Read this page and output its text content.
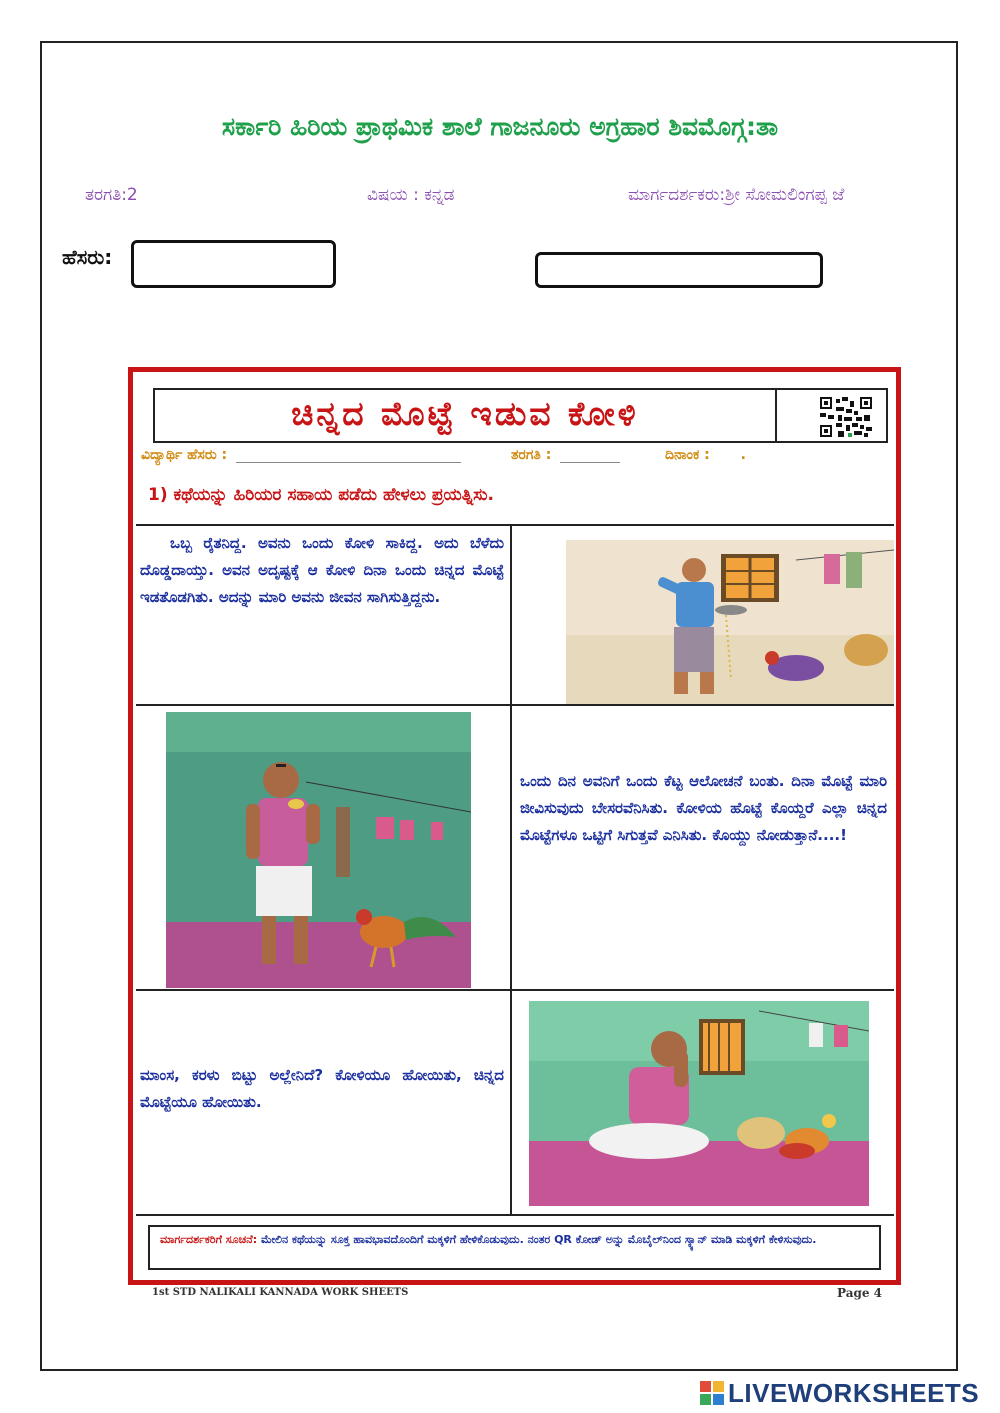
ಸರ್ಕಾರಿ ಹಿರಿಯ ಪ್ರಾಥಮಿಕ ಶಾಲೆ ಗಾಜನೂರು ಅಗ್ರಹಾರ ಶಿವಮೊಗ್ಗ:ತಾ
ತರಗತಿ:2	ವಿಷಯ : ಕನ್ನಡ	ಮಾರ್ಗದರ್ಶಕರು:ಶ್ರೀ ಸೋಮಲಿಂಗಪ್ಪ ಜೆ
ಹೆಸರು:
ಚಿನ್ನದ ಮೊಟ್ಟೆ ಇಡುವ ಕೋಳಿ
ವಿದ್ಯಾರ್ಥಿ ಹೆಸರು :	ತರಗತಿ :	ದಿನಾಂಕ : .
1) ಕಥೆಯನ್ನು ಹಿರಿಯರ ಸಹಾಯ ಪಡೆದು ಹೇಳಲು ಪ್ರಯತ್ನಿಸು.
ಒಬ್ಬ ರೈತನಿದ್ದ. ಅವನು ಒಂದು ಕೋಳಿ ಸಾಕಿದ್ದ. ಅದು ಬೆಳೆದು ದೊಡ್ಡದಾಯ್ತು. ಅವನ ಅದೃಷ್ಟಕ್ಕೆ ಆ ಕೋಳಿ ದಿನಾ ಒಂದು ಚಿನ್ನದ ಮೊಟ್ಟೆ ಇಡತೊಡಗಿತು. ಅದನ್ನು ಮಾರಿ ಅವನು ಜೀವನ ಸಾಗಿಸುತ್ತಿದ್ದನು.
ಒಂದು ದಿನ ಅವನಿಗೆ ಒಂದು ಕೆಟ್ಟ ಆಲೋಚನೆ ಬಂತು. ದಿನಾ ಮೊಟ್ಟೆ ಮಾರಿ ಜೀವಿಸುವುದು ಬೇಸರವೆನಿಸಿತು. ಕೋಳಿಯ ಹೊಟ್ಟೆ ಕೊಯ್ದರೆ ಎಲ್ಲಾ ಚಿನ್ನದ ಮೊಟ್ಟೆಗಳೂ ಒಟ್ಟಿಗೆ ಸಿಗುತ್ತವೆ ಎನಿಸಿತು. ಕೊಯ್ದು ನೋಡುತ್ತಾನೆ....!
ಮಾಂಸ, ಕರಳು ಬಿಟ್ಟು ಅಲ್ಲೇನಿದೆ? ಕೋಳಿಯೂ ಹೋಯಿತು, ಚಿನ್ನದ ಮೊಟ್ಟೆಯೂ ಹೋಯಿತು.
ಮಾರ್ಗದರ್ಶಕರಿಗೆ ಸೂಚನೆ: ಮೇಲಿನ ಕಥೆಯನ್ನು ಸೂಕ್ತ ಹಾವಭಾವದೊಂದಿಗೆ ಮಕ್ಕಳಿಗೆ ಹೇಳಿಕೊಡುವುದು. ನಂತರ QR ಕೋಡ್ ಅನ್ನು ಮೊಬೈಲ್‌ನಿಂದ ಸ್ಕ್ಯಾನ್ ಮಾಡಿ ಮಕ್ಕಳಿಗೆ ಕೇಳಿಸುವುದು.
1st STD NALIKALI KANNADA WORK SHEETS	Page 4
LIVEWORKSHEETS
